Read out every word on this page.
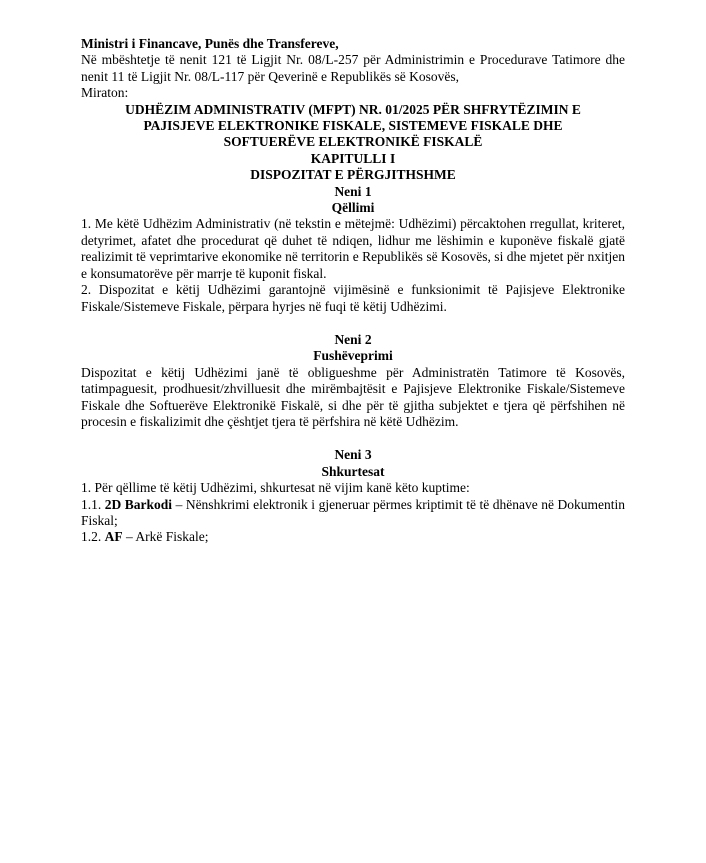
Ministri i Financave, Punës dhe Transfereve,

Në mbështetje të nenit 121 të Ligjit Nr. 08/L-257 për Administrimin e Procedurave Tatimore dhe nenit 11 të Ligjit Nr. 08/L-117 për Qeverinë e Republikës së Kosovës,

Miraton:

UDHËZIM ADMINISTRATIV (MFPT) NR. 01/2025 PËR SHFRYTËZIMIN E
PAJISJEVE ELEKTRONIKE FISKALE, SISTEMEVE FISKALE DHE
SOFTUERËVE ELEKTRONIKË FISKALË
KAPITULLI I
DISPOZITAT E PËRGJITHSHME
Neni 1
Qëllimi

1. Me këtë Udhëzim Administrativ (në tekstin e mëtejmë: Udhëzimi) përcaktohen rregullat, kriteret, detyrimet, afatet dhe procedurat që duhet të ndiqen, lidhur me lëshimin e kuponëve fiskalë gjatë realizimit të veprimtarive ekonomike në territorin e Republikës së Kosovës, si dhe mjetet për nxitjen e konsumatorëve për marrje të kuponit fiskal.

2. Dispozitat e këtij Udhëzimi garantojnë vijimësinë e funksionimit të Pajisjeve Elektronike Fiskale/Sistemeve Fiskale, përpara hyrjes në fuqi të këtij Udhëzimi.

Neni 2
Fushëveprimi

Dispozitat e këtij Udhëzimi janë të obligueshme për Administratën Tatimore të Kosovës, tatimpaguesit, prodhuesit/zhvilluesit dhe mirëmbajtësit e Pajisjeve Elektronike Fiskale/Sistemeve Fiskale dhe Softuerëve Elektronikë Fiskalë, si dhe për të gjitha subjektet e tjera që përfshihen në procesin e fiskalizimit dhe çështjet tjera të përfshira në këtë Udhëzim.

Neni 3
Shkurtesat

1. Për qëllime të këtij Udhëzimi, shkurtesat në vijim kanë këto kuptime:

1.1. 2D Barkodi – Nënshkrimi elektronik i gjeneruar përmes kriptimit të të dhënave në Dokumentin Fiskal;

1.2. AF – Arkë Fiskale;
